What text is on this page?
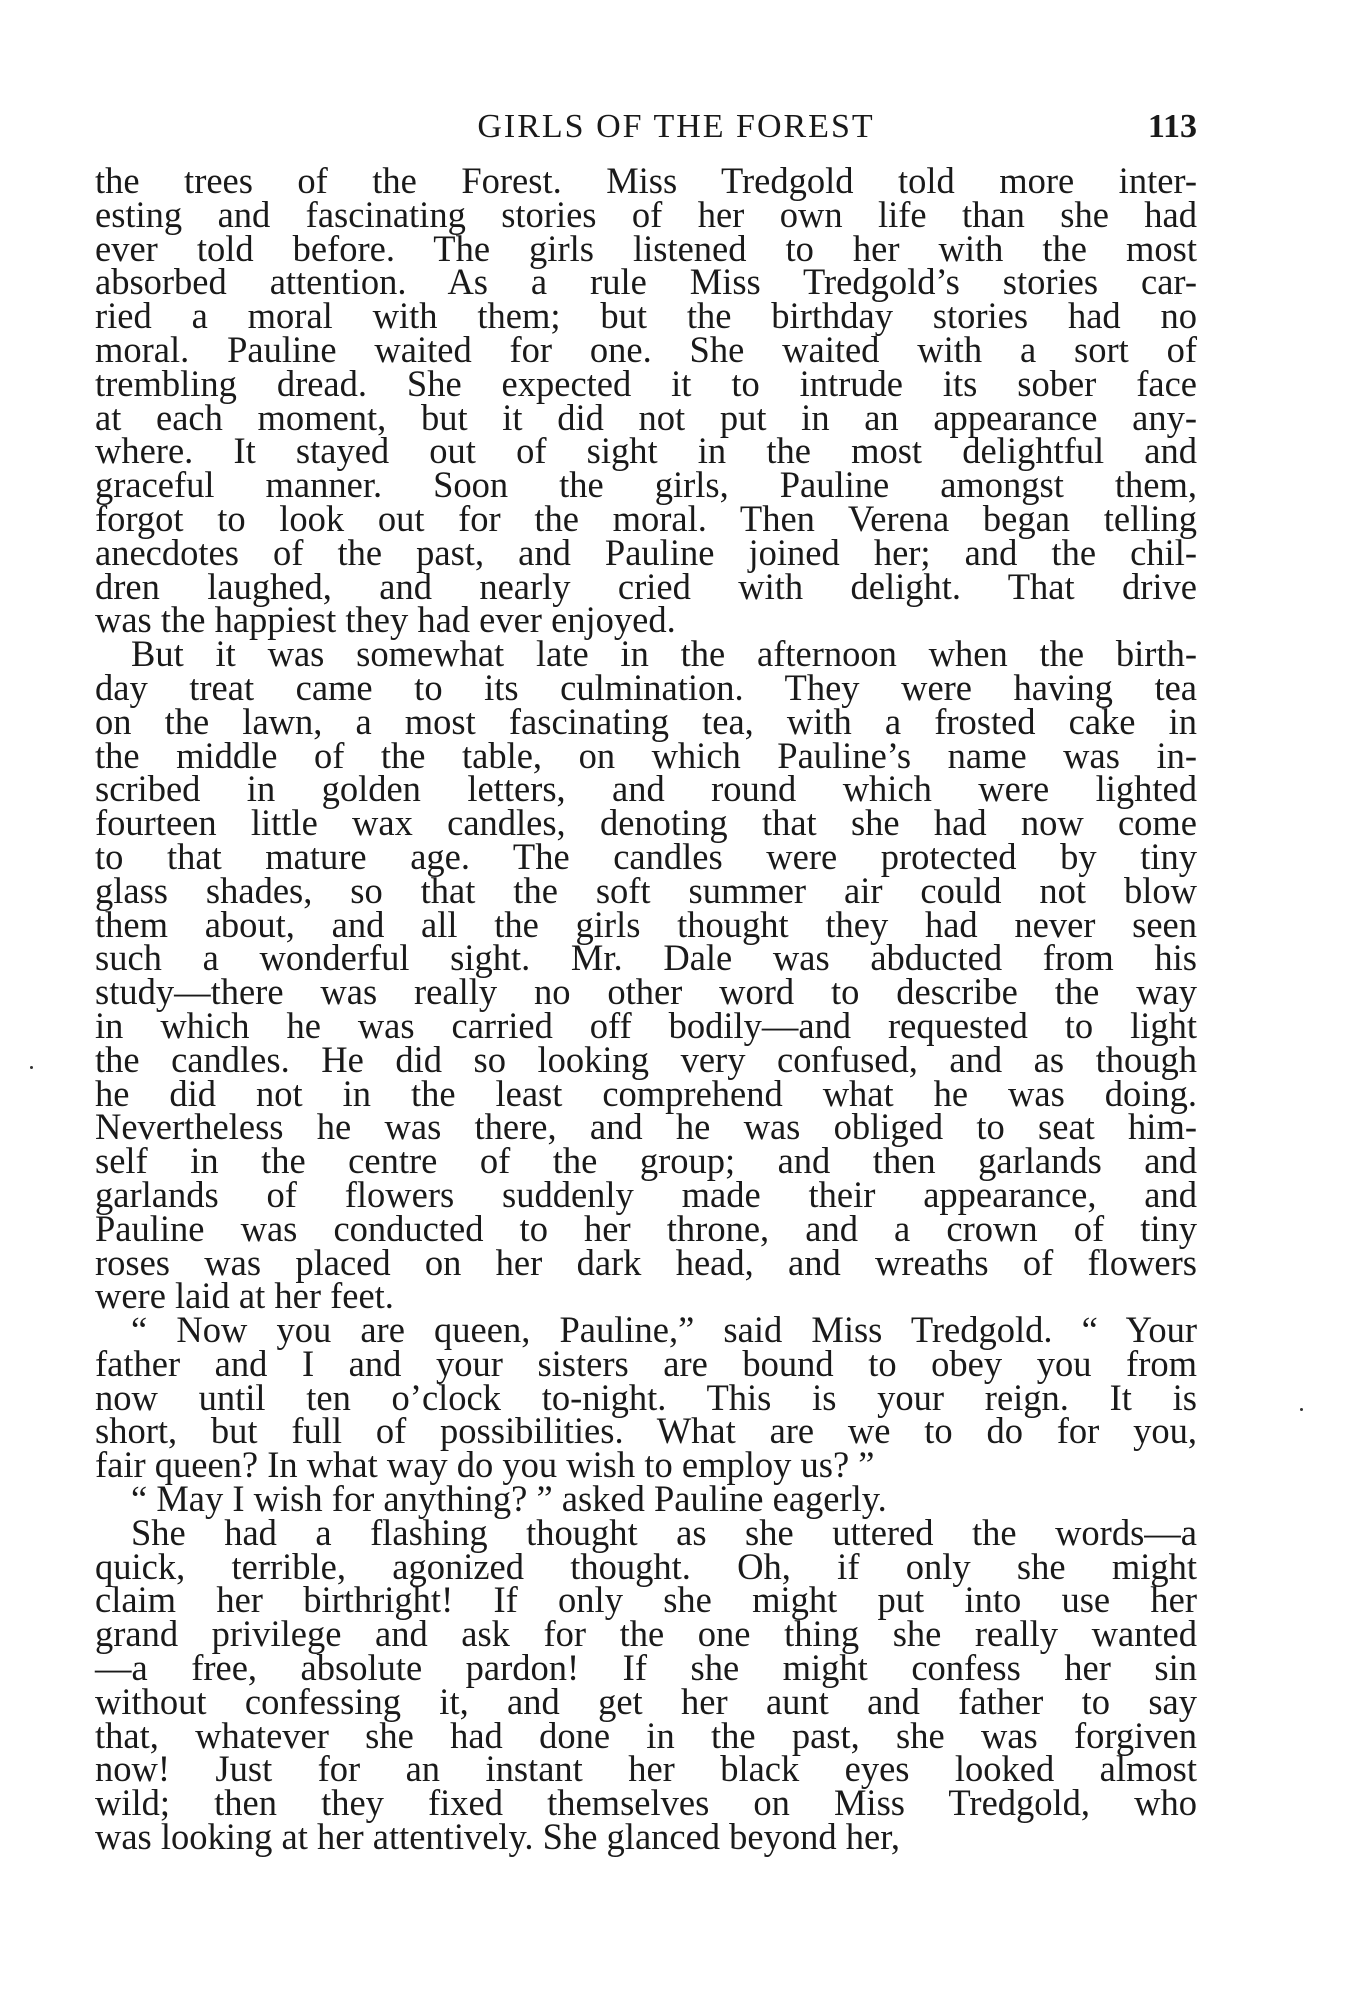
GIRLS OF THE FOREST	113
the trees of the Forest. Miss Tredgold told more inter-
esting and fascinating stories of her own life than she had
ever told before. The girls listened to her with the most
absorbed attention. As a rule Miss Tredgold’s stories car-
ried a moral with them; but the birthday stories had no
moral. Pauline waited for one. She waited with a sort of
trembling dread. She expected it to intrude its sober face
at each moment, but it did not put in an appearance any-
where. It stayed out of sight in the most delightful and
graceful manner. Soon the girls, Pauline amongst them,
forgot to look out for the moral. Then Verena began telling
anecdotes of the past, and Pauline joined her; and the chil-
dren laughed, and nearly cried with delight. That drive
was the happiest they had ever enjoyed.
But it was somewhat late in the afternoon when the birth-
day treat came to its culmination. They were having tea
on the lawn, a most fascinating tea, with a frosted cake in
the middle of the table, on which Pauline’s name was in-
scribed in golden letters, and round which were lighted
fourteen little wax candles, denoting that she had now come
to that mature age. The candles were protected by tiny
glass shades, so that the soft summer air could not blow
them about, and all the girls thought they had never seen
such a wonderful sight. Mr. Dale was abducted from his
study—there was really no other word to describe the way
in which he was carried off bodily—and requested to light
the candles. He did so looking very confused, and as though
he did not in the least comprehend what he was doing.
Nevertheless he was there, and he was obliged to seat him-
self in the centre of the group; and then garlands and
garlands of flowers suddenly made their appearance, and
Pauline was conducted to her throne, and a crown of tiny
roses was placed on her dark head, and wreaths of flowers
were laid at her feet.
“ Now you are queen, Pauline,” said Miss Tredgold. “ Your
father and I and your sisters are bound to obey you from
now until ten o’clock to-night. This is your reign. It is
short, but full of possibilities. What are we to do for you,
fair queen? In what way do you wish to employ us? ”
“ May I wish for anything? ” asked Pauline eagerly.
She had a flashing thought as she uttered the words—a
quick, terrible, agonized thought. Oh, if only she might
claim her birthright! If only she might put into use her
grand privilege and ask for the one thing she really wanted
—a free, absolute pardon! If she might confess her sin
without confessing it, and get her aunt and father to say
that, whatever she had done in the past, she was forgiven
now! Just for an instant her black eyes looked almost
wild; then they fixed themselves on Miss Tredgold, who
was looking at her attentively. She glanced beyond her,
